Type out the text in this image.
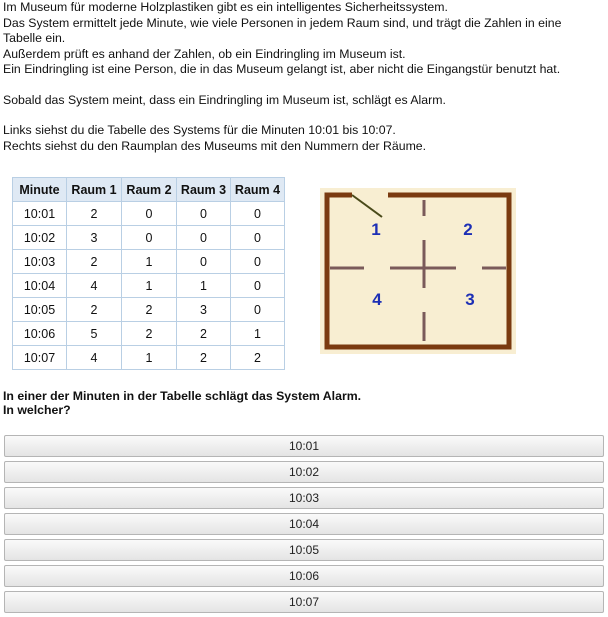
Im Museum für moderne Holzplastiken gibt es ein intelligentes Sicherheitssystem.

Das System ermittelt jede Minute, wie viele Personen in jedem Raum sind, und trägt die Zahlen in eine Tabelle ein.

Außerdem prüft es anhand der Zahlen, ob ein Eindringling im Museum ist.

Ein Eindringling ist eine Person, die in das Museum gelangt ist, aber nicht die Eingangstür benutzt hat.

Sobald das System meint, dass ein Eindringling im Museum ist, schlägt es Alarm.

Links siehst du die Tabelle des Systems für die Minuten 10:01 bis 10:07.

Rechts siehst du den Raumplan des Museums mit den Nummern der Räume.

Minute	Raum 1	Raum 2	Raum 3	Raum 4
10:01	2	0	0	0
10:02	3	0	0	0
10:03	2	1	0	0
10:04	4	1	1	0
10:05	2	2	3	0
10:06	5	2	2	1
10:07	4	1	2	2
1	2
3
4

In einer der Minuten in der Tabelle schlägt das System Alarm.

In welcher?

10:01
10:02
10:03
10:04
10:05
10:06
10:07
